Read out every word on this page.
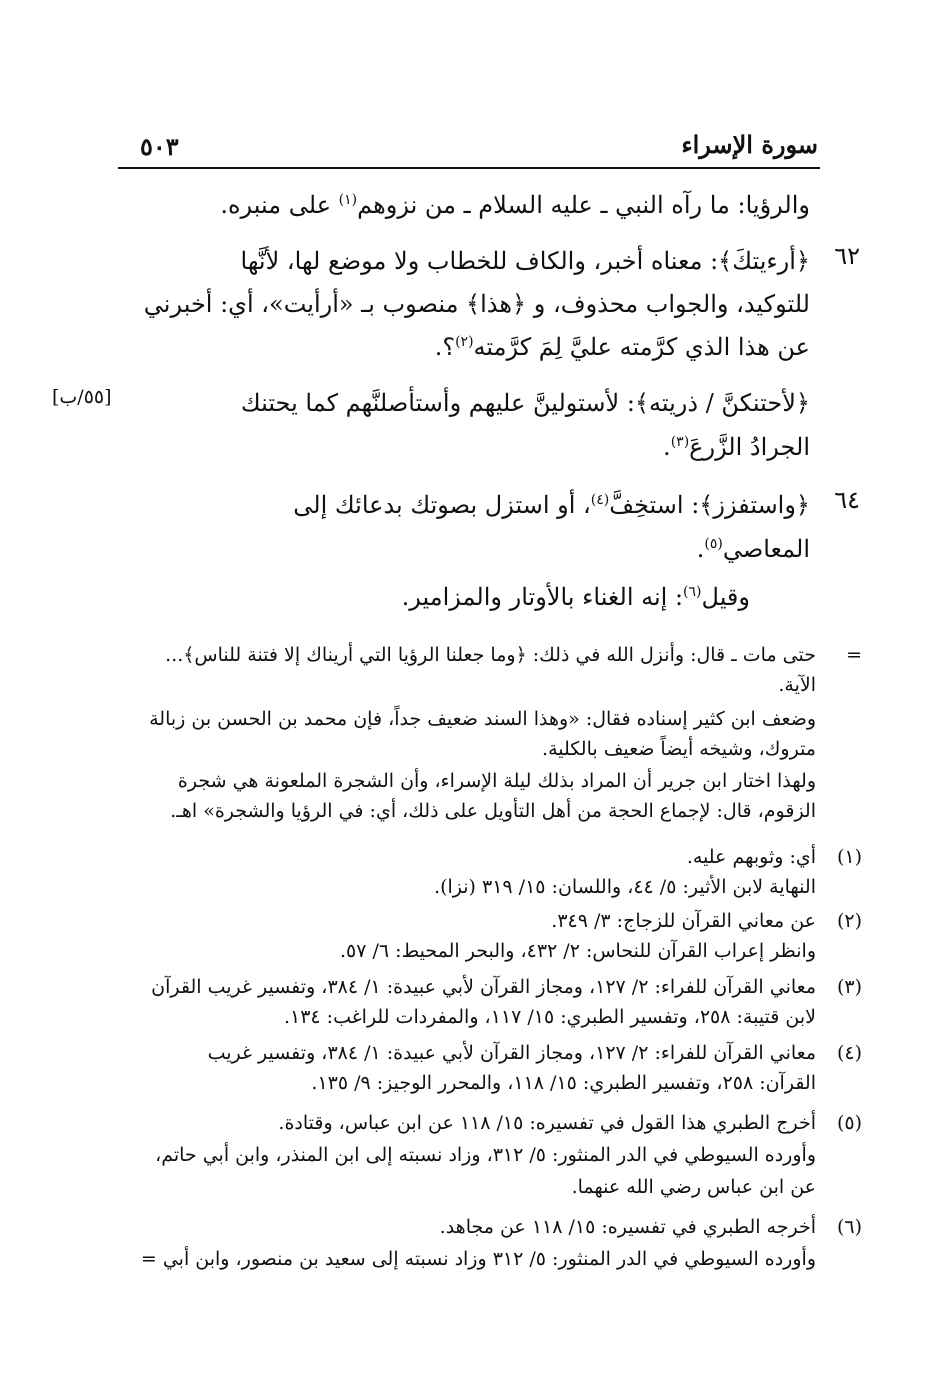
سورة الإسراء
٥٠٣
والرؤيا: ما رآه النبي ـ عليه السلام ـ من نزوهم$^{(١)}$ على منبره.
٦٢
﴿أرءيتكَ﴾: معناه أخبر، والكاف للخطاب ولا موضع لها، لأنَّها
للتوكيد، والجواب محذوف، و ﴿هذا﴾ منصوب بـ «أرأيت»، أي: أخبرني
عن هذا الذي كرَّمته عليَّ لِمَ كرَّمته$^{(٢)}$؟.
﴿لأحتنكنَّ / ذريته﴾: لأستولينَّ عليهم وأستأصلنَّهم كما يحتنك
[٥٥/ب]
الجرادُ الزَّرعَ$^{(٣)}$.
٦٤
﴿واستفزز﴾: استخِفَّ$^{(٤)}$، أو استزل بصوتك بدعائك إلى
المعاصي$^{(٥)}$.
وقيل$^{(٦)}$: إنه الغناء بالأوتار والمزامير.
=
حتى مات ـ قال: وأنزل الله في ذلك: ﴿وما جعلنا الرؤيا التي أريناك إلا فتنة للناس﴾...
الآية.
وضعف ابن كثير إسناده فقال: «وهذا السند ضعيف جداً، فإن محمد بن الحسن بن زبالة
متروك، وشيخه أيضاً ضعيف بالكلية.
ولهذا اختار ابن جرير أن المراد بذلك ليلة الإسراء، وأن الشجرة الملعونة هي شجرة
الزقوم، قال: لإجماع الحجة من أهل التأويل على ذلك، أي: في الرؤيا والشجرة» اهـ.
(١)
أي: وثوبهم عليه.
النهاية لابن الأثير: ٥/ ٤٤، واللسان: ١٥/ ٣١٩ (نزا).
(٢)
عن معاني القرآن للزجاج: ٣/ ٣٤٩.
وانظر إعراب القرآن للنحاس: ٢/ ٤٣٢، والبحر المحيط: ٦/ ٥٧.
(٣)
معاني القرآن للفراء: ٢/ ١٢٧، ومجاز القرآن لأبي عبيدة: ١/ ٣٨٤، وتفسير غريب القرآن
لابن قتيبة: ٢٥٨، وتفسير الطبري: ١٥/ ١١٧، والمفردات للراغب: ١٣٤.
(٤)
معاني القرآن للفراء: ٢/ ١٢٧، ومجاز القرآن لأبي عبيدة: ١/ ٣٨٤، وتفسير غريب
القرآن: ٢٥٨، وتفسير الطبري: ١٥/ ١١٨، والمحرر الوجيز: ٩/ ١٣٥.
(٥)
أخرج الطبري هذا القول في تفسيره: ١٥/ ١١٨ عن ابن عباس، وقتادة.
وأورده السيوطي في الدر المنثور: ٥/ ٣١٢، وزاد نسبته إلى ابن المنذر، وابن أبي حاتم،
عن ابن عباس رضي الله عنهما.
(٦)
أخرجه الطبري في تفسيره: ١٥/ ١١٨ عن مجاهد.
وأورده السيوطي في الدر المنثور: ٥/ ٣١٢ وزاد نسبته إلى سعيد بن منصور، وابن أبي =
